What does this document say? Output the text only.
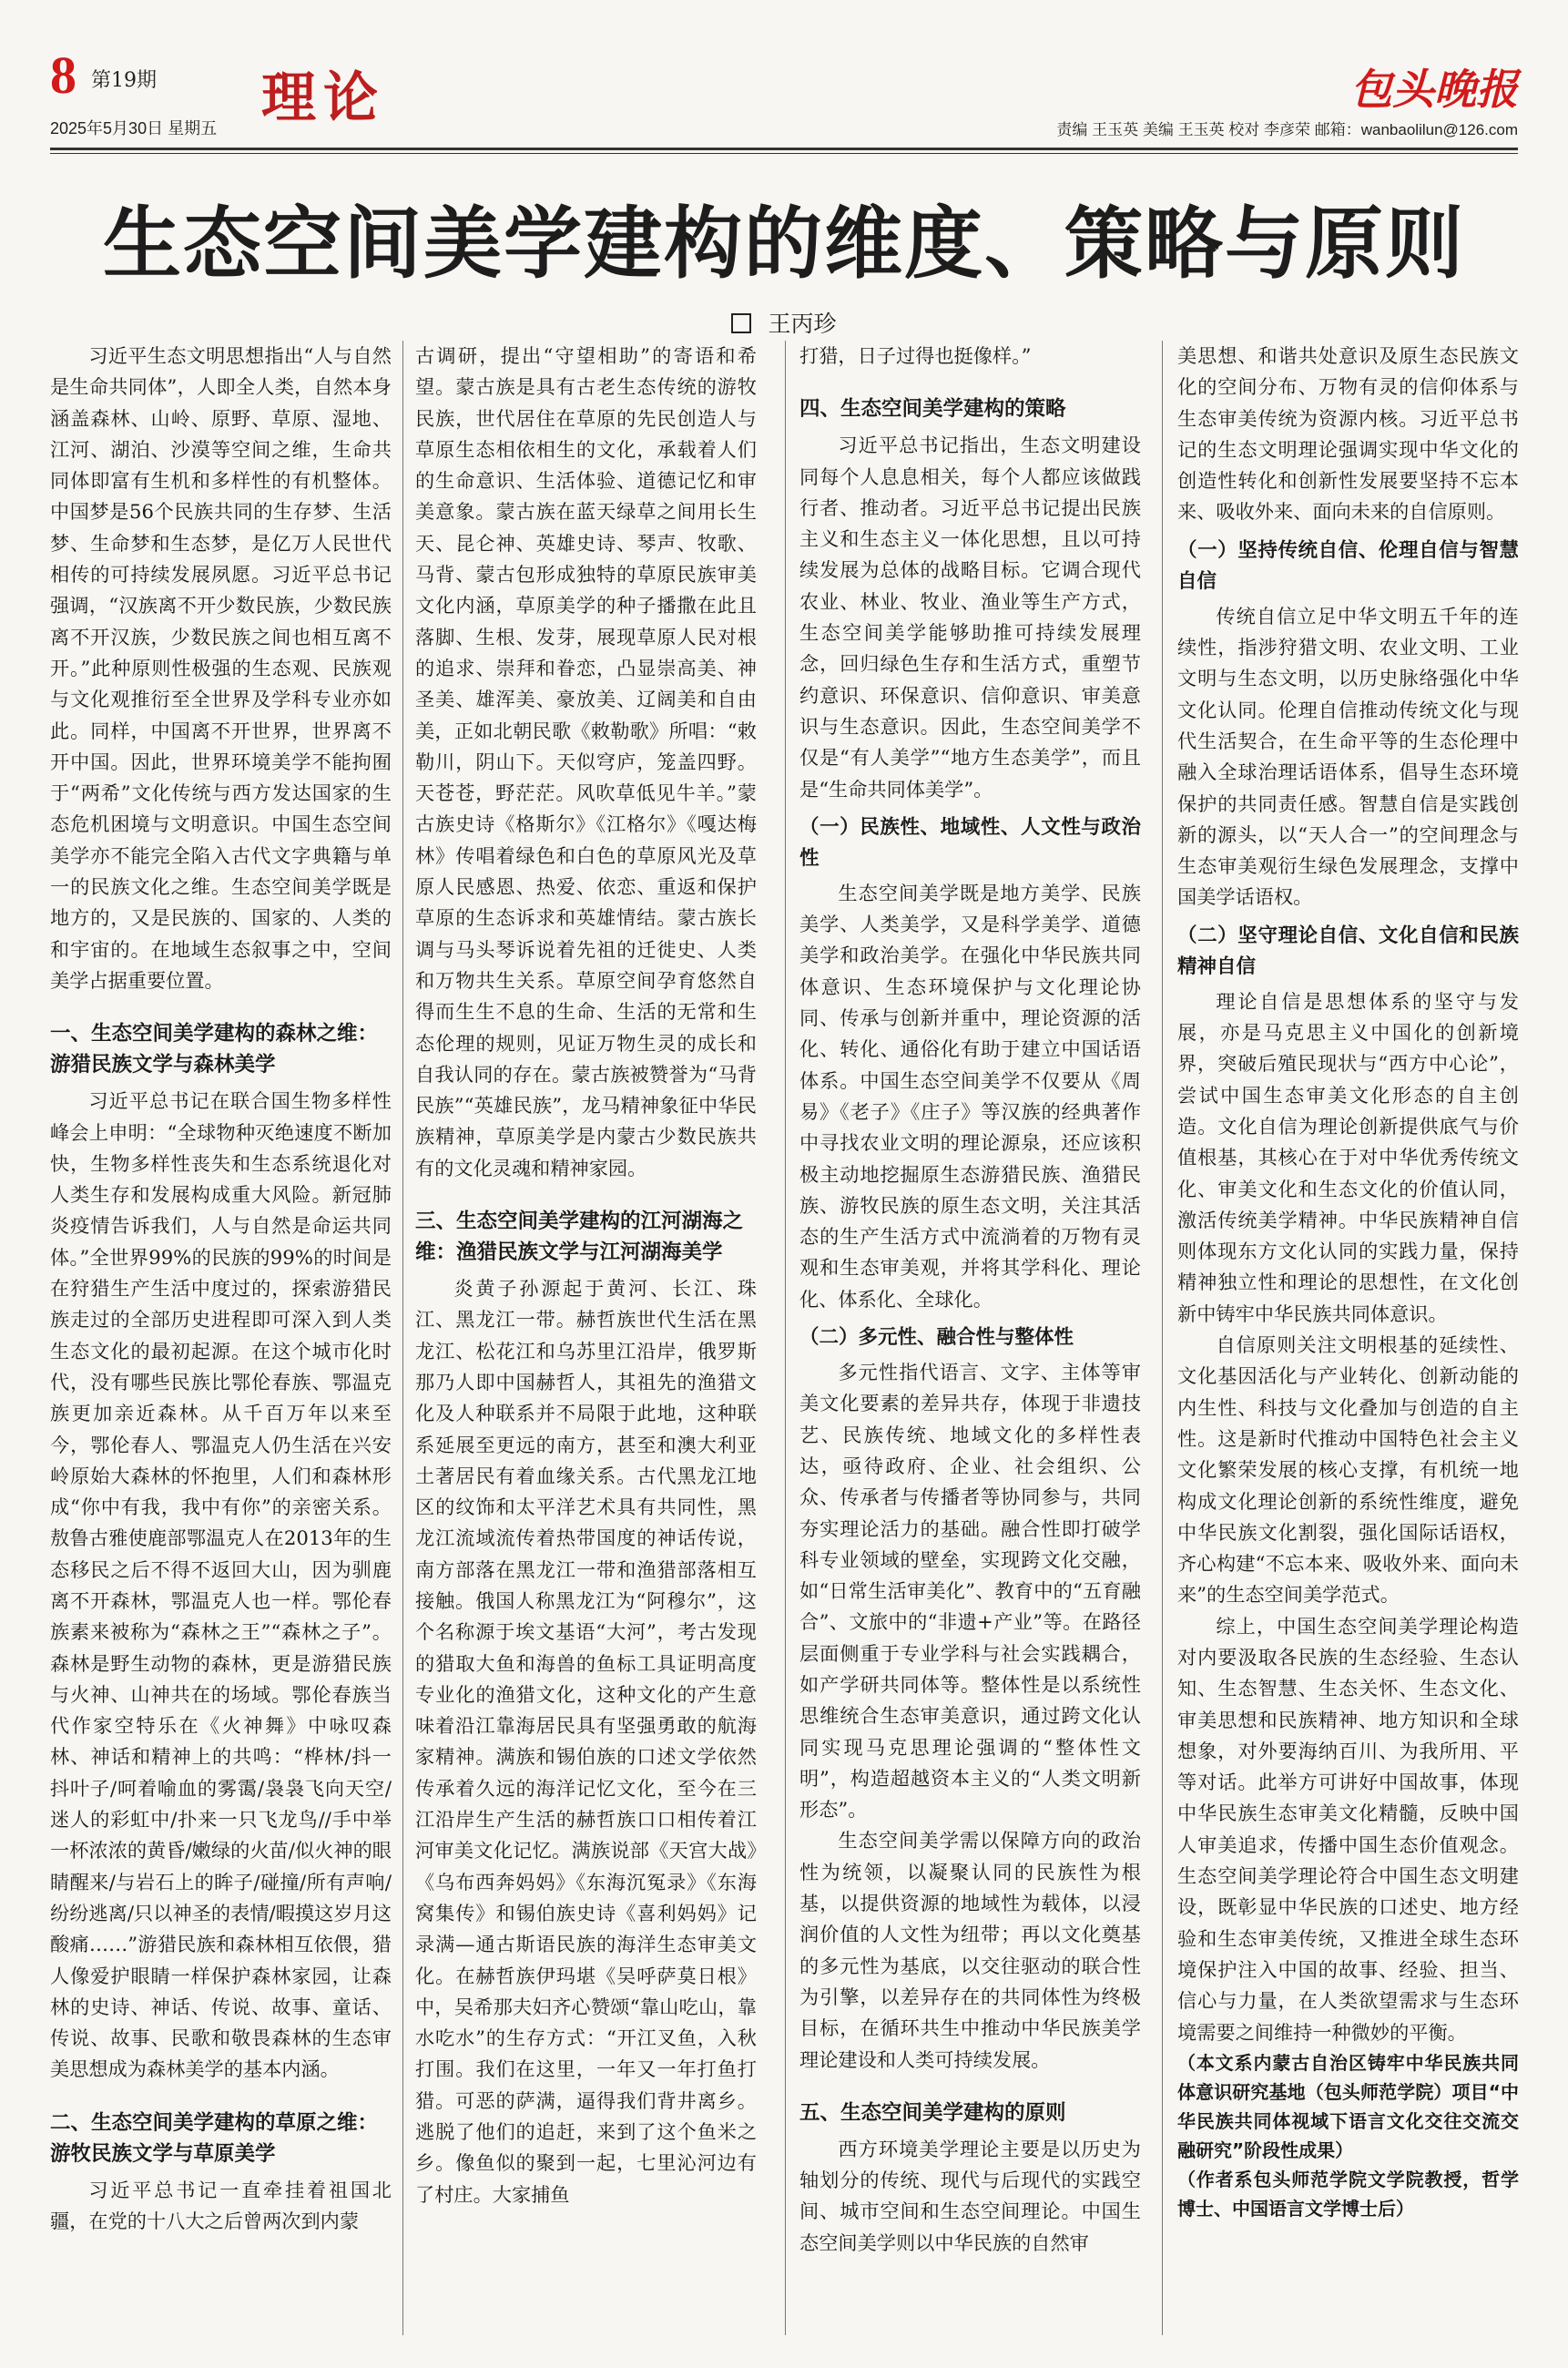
8 第19期
2025年5月30日 星期五 理论	包头晚报
责编 王玉英 美编 王玉英 校对 李彦荣 邮箱：wanbaolilun@126.com
生态空间美学建构的维度、策略与原则
王丙珍

习近平生态文明思想指出“人与自然是生命共同体”，人即全人类，自然本身涵盖森林、山岭、原野、草原、湿地、江河、湖泊、沙漠等空间之维，生命共同体即富有生机和多样性的有机整体。中国梦是56个民族共同的生存梦、生活梦、生命梦和生态梦，是亿万人民世代相传的可持续发展夙愿。习近平总书记强调，“汉族离不开少数民族，少数民族离不开汉族，少数民族之间也相互离不开。”此种原则性极强的生态观、民族观与文化观推衍至全世界及学科专业亦如此。同样，中国离不开世界，世界离不开中国。因此，世界环境美学不能拘囿于“两希”文化传统与西方发达国家的生态危机困境与文明意识。中国生态空间美学亦不能完全陷入古代文字典籍与单一的民族文化之维。生态空间美学既是地方的，又是民族的、国家的、人类的和宇宙的。在地域生态叙事之中，空间美学占据重要位置。

一、生态空间美学建构的森林之维：游猎民族文学与森林美学

习近平总书记在联合国生物多样性峰会上申明：“全球物种灭绝速度不断加快，生物多样性丧失和生态系统退化对人类生存和发展构成重大风险。新冠肺炎疫情告诉我们，人与自然是命运共同体。”全世界99%的民族的99%的时间是在狩猎生产生活中度过的，探索游猎民族走过的全部历史进程即可深入到人类生态文化的最初起源。在这个城市化时代，没有哪些民族比鄂伦春族、鄂温克族更加亲近森林。从千百万年以来至今，鄂伦春人、鄂温克人仍生活在兴安岭原始大森林的怀抱里，人们和森林形成“你中有我，我中有你”的亲密关系。敖鲁古雅使鹿部鄂温克人在2013年的生态移民之后不得不返回大山，因为驯鹿离不开森林，鄂温克人也一样。鄂伦春族素来被称为“森林之王”“森林之子”。森林是野生动物的森林，更是游猎民族与火神、山神共在的场域。鄂伦春族当代作家空特乐在《火神舞》中咏叹森林、神话和精神上的共鸣：“桦林/抖一抖叶子/呵着喻血的雾霭/袅袅飞向天空/迷人的彩虹中/扑来一只飞龙鸟//手中举一杯浓浓的黄昏/嫩绿的火苗/似火神的眼睛醒来/与岩石上的眸子/碰撞/所有声响/纷纷逃离/只以神圣的表情/暇摸这岁月这酸痛……”游猎民族和森林相互依偎，猎人像爱护眼睛一样保护森林家园，让森林的史诗、神话、传说、故事、童话、传说、故事、民歌和敬畏森林的生态审美思想成为森林美学的基本内涵。

二、生态空间美学建构的草原之维：游牧民族文学与草原美学

习近平总书记一直牵挂着祖国北疆，在党的十八大之后曾两次到内蒙

古调研，提出“守望相助”的寄语和希望。蒙古族是具有古老生态传统的游牧民族，世代居住在草原的先民创造人与草原生态相依相生的文化，承载着人们的生命意识、生活体验、道德记忆和审美意象。蒙古族在蓝天绿草之间用长生天、昆仑神、英雄史诗、琴声、牧歌、马背、蒙古包形成独特的草原民族审美文化内涵，草原美学的种子播撒在此且落脚、生根、发芽，展现草原人民对根的追求、崇拜和眷恋，凸显崇高美、神圣美、雄浑美、豪放美、辽阔美和自由美，正如北朝民歌《敕勒歌》所唱：“敕勒川，阴山下。天似穹庐，笼盖四野。天苍苍，野茫茫。风吹草低见牛羊。”蒙古族史诗《格斯尔》《江格尔》《嘎达梅林》传唱着绿色和白色的草原风光及草原人民感恩、热爱、依恋、重返和保护草原的生态诉求和英雄情结。蒙古族长调与马头琴诉说着先祖的迁徙史、人类和万物共生关系。草原空间孕育悠然自得而生生不息的生命、生活的无常和生态伦理的规则，见证万物生灵的成长和自我认同的存在。蒙古族被赞誉为“马背民族”“英雄民族”，龙马精神象征中华民族精神，草原美学是内蒙古少数民族共有的文化灵魂和精神家园。

三、生态空间美学建构的江河湖海之维：渔猎民族文学与江河湖海美学

炎黄子孙源起于黄河、长江、珠江、黑龙江一带。赫哲族世代生活在黑龙江、松花江和乌苏里江沿岸，俄罗斯那乃人即中国赫哲人，其祖先的渔猎文化及人种联系并不局限于此地，这种联系延展至更远的南方，甚至和澳大利亚土著居民有着血缘关系。古代黑龙江地区的纹饰和太平洋艺术具有共同性，黑龙江流域流传着热带国度的神话传说，南方部落在黑龙江一带和渔猎部落相互接触。俄国人称黑龙江为“阿穆尔”，这个名称源于埃文基语“大河”，考古发现的猎取大鱼和海兽的鱼标工具证明高度专业化的渔猎文化，这种文化的产生意味着沿江靠海居民具有坚强勇敢的航海家精神。满族和锡伯族的口述文学依然传承着久远的海洋记忆文化，至今在三江沿岸生产生活的赫哲族口口相传着江河审美文化记忆。满族说部《天宫大战》《乌布西奔妈妈》《东海沉冤录》《东海窝集传》和锡伯族史诗《喜利妈妈》记录满—通古斯语民族的海洋生态审美文化。在赫哲族伊玛堪《吴呼萨莫日根》中，吴希那夫妇齐心赞颂“靠山吃山，靠水吃水”的生存方式：“开江叉鱼，入秋打围。我们在这里，一年又一年打鱼打猎。可恶的萨满，逼得我们背井离乡。逃脱了他们的追赶，来到了这个鱼米之乡。像鱼似的聚到一起，七里沁河边有了村庄。大家捕鱼

打猎，日子过得也挺像样。”

四、生态空间美学建构的策略

习近平总书记指出，生态文明建设同每个人息息相关，每个人都应该做践行者、推动者。习近平总书记提出民族主义和生态主义一体化思想，且以可持续发展为总体的战略目标。它调合现代农业、林业、牧业、渔业等生产方式，生态空间美学能够助推可持续发展理念，回归绿色生存和生活方式，重塑节约意识、环保意识、信仰意识、审美意识与生态意识。因此，生态空间美学不仅是“有人美学”“地方生态美学”，而且是“生命共同体美学”。

（一）民族性、地域性、人文性与政治性

生态空间美学既是地方美学、民族美学、人类美学，又是科学美学、道德美学和政治美学。在强化中华民族共同体意识、生态环境保护与文化理论协同、传承与创新并重中，理论资源的活化、转化、通俗化有助于建立中国话语体系。中国生态空间美学不仅要从《周易》《老子》《庄子》等汉族的经典著作中寻找农业文明的理论源泉，还应该积极主动地挖掘原生态游猎民族、渔猎民族、游牧民族的原生态文明，关注其活态的生产生活方式中流淌着的万物有灵观和生态审美观，并将其学科化、理论化、体系化、全球化。

（二）多元性、融合性与整体性

多元性指代语言、文字、主体等审美文化要素的差异共存，体现于非遗技艺、民族传统、地域文化的多样性表达，亟待政府、企业、社会组织、公众、传承者与传播者等协同参与，共同夯实理论活力的基础。融合性即打破学科专业领域的壁垒，实现跨文化交融，如“日常生活审美化”、教育中的“五育融合”、文旅中的“非遗+产业”等。在路径层面侧重于专业学科与社会实践耦合，如产学研共同体等。整体性是以系统性思维统合生态审美意识，通过跨文化认同实现马克思理论强调的“整体性文明”，构造超越资本主义的“人类文明新形态”。

生态空间美学需以保障方向的政治性为统领，以凝聚认同的民族性为根基，以提供资源的地域性为载体，以浸润价值的人文性为纽带；再以文化奠基的多元性为基底，以交往驱动的联合性为引擎，以差异存在的共同体性为终极目标，在循环共生中推动中华民族美学理论建设和人类可持续发展。

五、生态空间美学建构的原则

西方环境美学理论主要是以历史为轴划分的传统、现代与后现代的实践空间、城市空间和生态空间理论。中国生态空间美学则以中华民族的自然审

美思想、和谐共处意识及原生态民族文化的空间分布、万物有灵的信仰体系与生态审美传统为资源内核。习近平总书记的生态文明理论强调实现中华文化的创造性转化和创新性发展要坚持不忘本来、吸收外来、面向未来的自信原则。

（一）坚持传统自信、伦理自信与智慧自信

传统自信立足中华文明五千年的连续性，指涉狩猎文明、农业文明、工业文明与生态文明，以历史脉络强化中华文化认同。伦理自信推动传统文化与现代生活契合，在生命平等的生态伦理中融入全球治理话语体系，倡导生态环境保护的共同责任感。智慧自信是实践创新的源头，以“天人合一”的空间理念与生态审美观衍生绿色发展理念，支撑中国美学话语权。

（二）坚守理论自信、文化自信和民族精神自信

理论自信是思想体系的坚守与发展，亦是马克思主义中国化的创新境界，突破后殖民现状与“西方中心论”，尝试中国生态审美文化形态的自主创造。文化自信为理论创新提供底气与价值根基，其核心在于对中华优秀传统文化、审美文化和生态文化的价值认同，激活传统美学精神。中华民族精神自信则体现东方文化认同的实践力量，保持精神独立性和理论的思想性，在文化创新中铸牢中华民族共同体意识。

自信原则关注文明根基的延续性、文化基因活化与产业转化、创新动能的内生性、科技与文化叠加与创造的自主性。这是新时代推动中国特色社会主义文化繁荣发展的核心支撑，有机统一地构成文化理论创新的系统性维度，避免中华民族文化割裂，强化国际话语权，齐心构建“不忘本来、吸收外来、面向未来”的生态空间美学范式。

综上，中国生态空间美学理论构造对内要汲取各民族的生态经验、生态认知、生态智慧、生态关怀、生态文化、审美思想和民族精神、地方知识和全球想象，对外要海纳百川、为我所用、平等对话。此举方可讲好中国故事，体现中华民族生态审美文化精髓，反映中国人审美追求，传播中国生态价值观念。生态空间美学理论符合中国生态文明建设，既彰显中华民族的口述史、地方经验和生态审美传统，又推进全球生态环境保护注入中国的故事、经验、担当、信心与力量，在人类欲望需求与生态环境需要之间维持一种微妙的平衡。

（本文系内蒙古自治区铸牢中华民族共同体意识研究基地（包头师范学院）项目“中华民族共同体视域下语言文化交往交流交融研究”阶段性成果）

（作者系包头师范学院文学院教授，哲学博士、中国语言文学博士后）
